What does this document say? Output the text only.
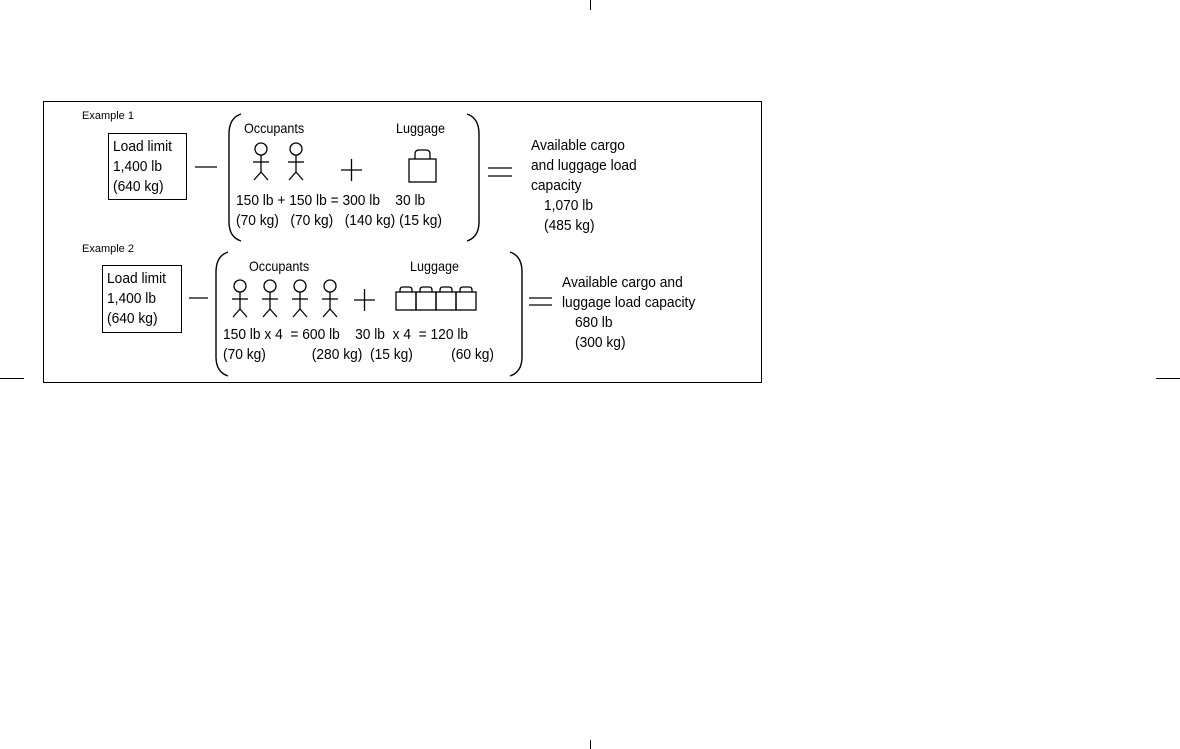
Example 1
Load limit
1,400 lb
(640 kg)
Occupants	Luggage
150 lb + 150 lb = 300 lb    30 lb
(70 kg)   (70 kg)   (140 kg) (15 kg)
Available cargo
and luggage load
capacity
1,070 lb
(485 kg)
Example 2
Load limit
1,400 lb
(640 kg)
Occupants	Luggage
150 lb x 4  = 600 lb    30 lb  x 4  = 120 lb
(70 kg)            (280 kg)  (15 kg)          (60 kg)
Available cargo and
luggage load capacity
680 lb
(300 kg)
